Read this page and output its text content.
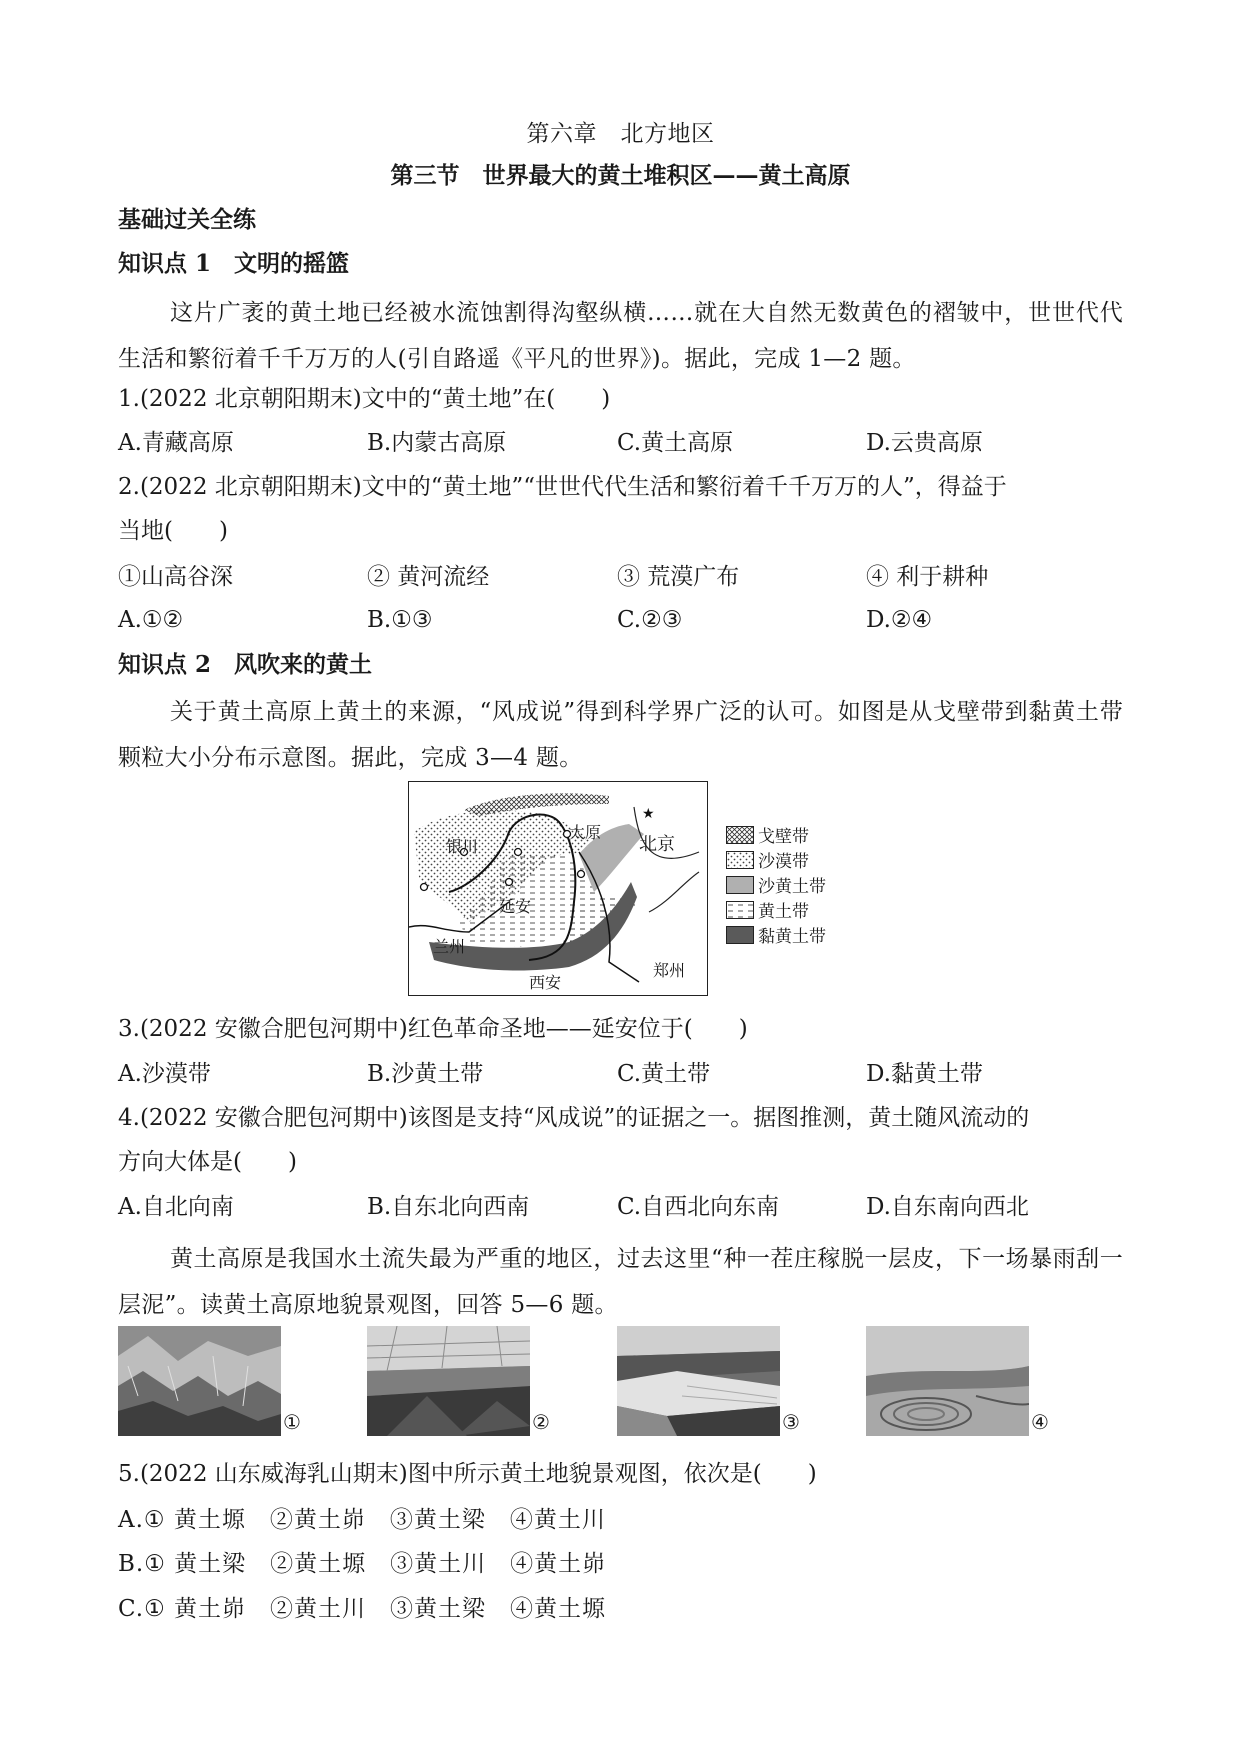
第六章　北方地区
第三节　世界最大的黄土堆积区——黄土高原
基础过关全练
知识点 1　文明的摇篮
这片广袤的黄土地已经被水流蚀割得沟壑纵横……就在大自然无数黄色的褶皱中，世世代代生活和繁衍着千千万万的人(引自路遥《平凡的世界》)。据此，完成 1—2 题。
1.(2022 北京朝阳期末)文中的“黄土地”在(　　)
A.青藏高原	B.内蒙古高原	C.黄土高原	D.云贵高原
2.(2022 北京朝阳期末)文中的“黄土地”“世世代代生活和繁衍着千千万万的人”，得益于
当地(　　)
①山高谷深	② 黄河流经	③ 荒漠广布	④ 利于耕种
A.①②	B.①③	C.②③	D.②④
知识点 2　风吹来的黄土
关于黄土高原上黄土的来源，“风成说”得到科学界广泛的认可。如图是从戈壁带到黏黄土带颗粒大小分布示意图。据此，完成 3—4 题。
★
银川	北京
太原
延安
兰州
西安
郑州
戈壁带
沙漠带
沙黄土带
黄土带
黏黄土带
3.(2022 安徽合肥包河期中)红色革命圣地——延安位于(　　)
A.沙漠带	B.沙黄土带	C.黄土带	D.黏黄土带
4.(2022 安徽合肥包河期中)该图是支持“风成说”的证据之一。据图推测，黄土随风流动的
方向大体是(　　)
A.自北向南	B.自东北向西南	C.自西北向东南	D.自东南向西北
黄土高原是我国水土流失最为严重的地区，过去这里“种一茬庄稼脱一层皮，下一场暴雨刮一层泥”。读黄土高原地貌景观图，回答 5—6 题。
①	②	③	④
5.(2022 山东威海乳山期末)图中所示黄土地貌景观图，依次是(　　)
A.① 黄土塬　②黄土峁　③黄土梁　④黄土川
B.① 黄土梁　②黄土塬　③黄土川　④黄土峁
C.① 黄土峁　②黄土川　③黄土梁　④黄土塬
